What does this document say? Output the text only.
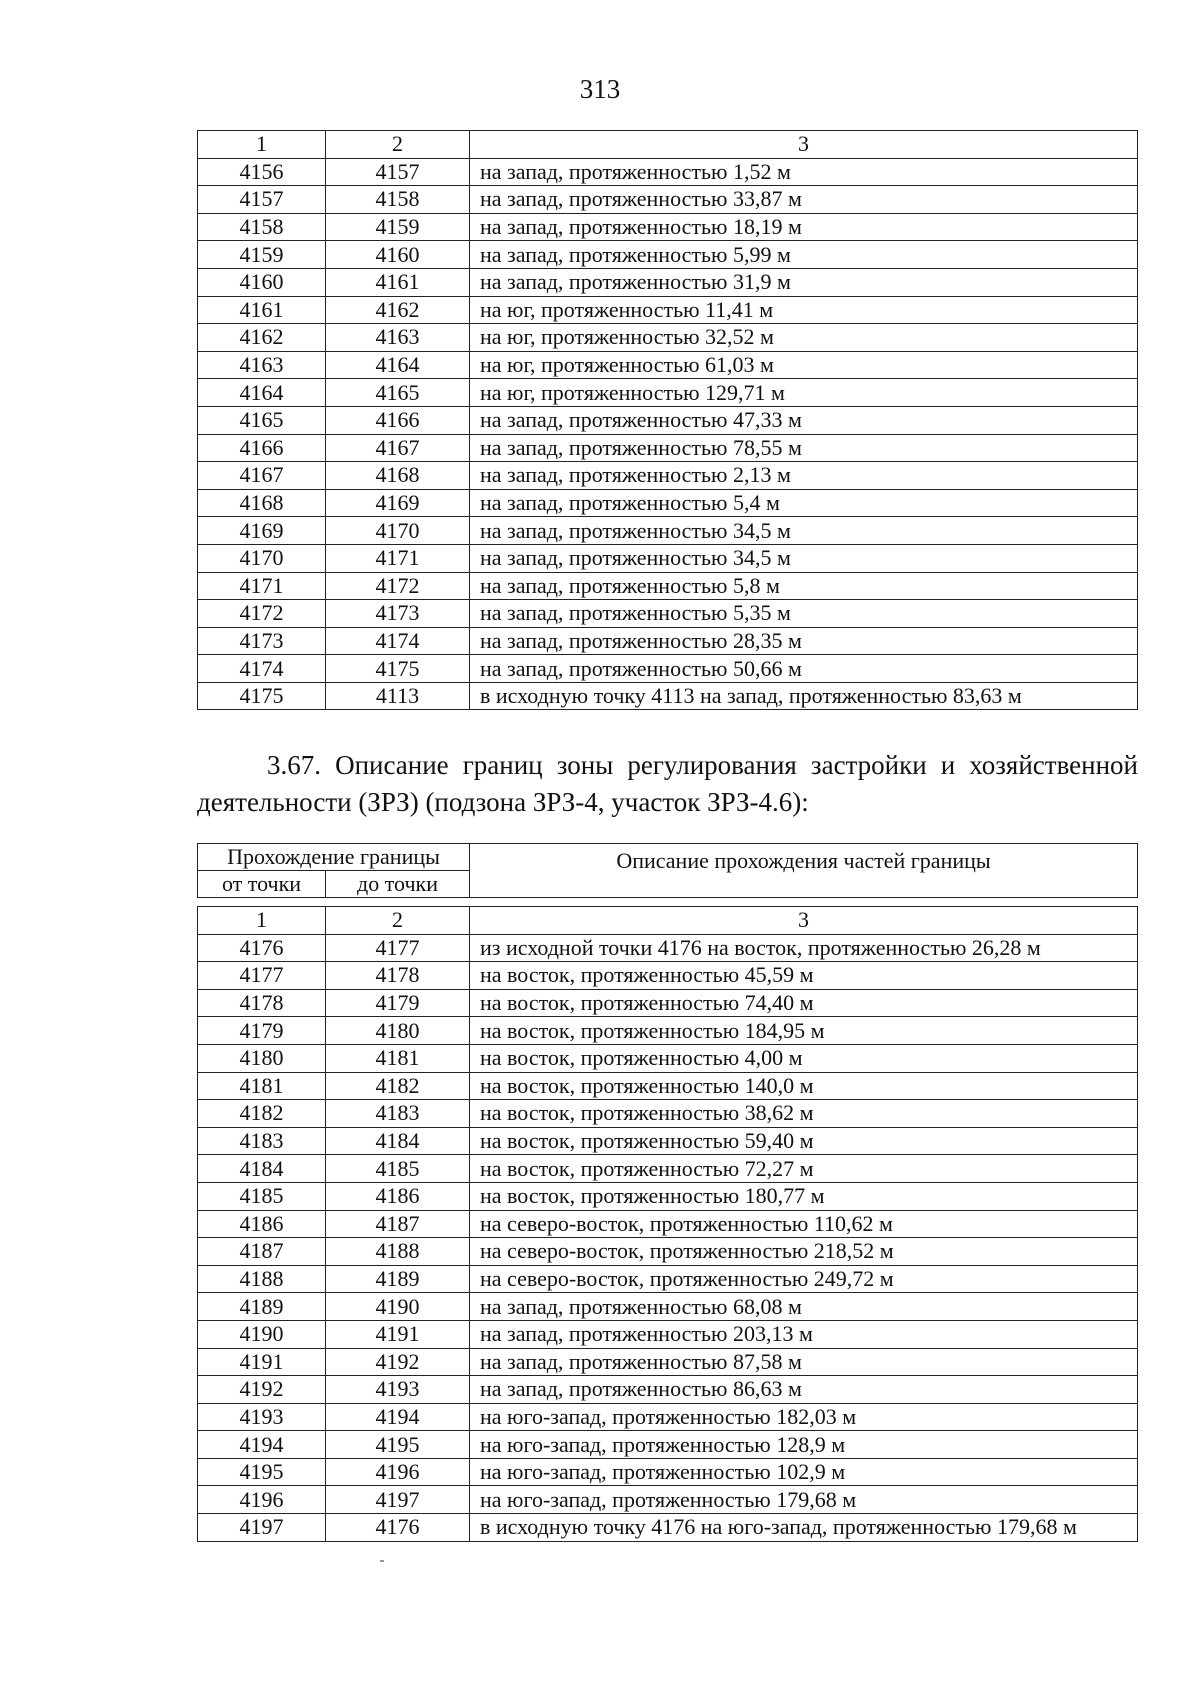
313
1	2	3
4156	4157	на запад, протяженностью 1,52 м
4157	4158	на запад, протяженностью 33,87 м
4158	4159	на запад, протяженностью 18,19 м
4159	4160	на запад, протяженностью 5,99 м
4160	4161	на запад, протяженностью 31,9 м
4161	4162	на юг, протяженностью 11,41 м
4162	4163	на юг, протяженностью 32,52 м
4163	4164	на юг, протяженностью 61,03 м
4164	4165	на юг, протяженностью 129,71 м
4165	4166	на запад, протяженностью 47,33 м
4166	4167	на запад, протяженностью 78,55 м
4167	4168	на запад, протяженностью 2,13 м
4168	4169	на запад, протяженностью 5,4 м
4169	4170	на запад, протяженностью 34,5 м
4170	4171	на запад, протяженностью 34,5 м
4171	4172	на запад, протяженностью 5,8 м
4172	4173	на запад, протяженностью 5,35 м
4173	4174	на запад, протяженностью 28,35 м
4174	4175	на запад, протяженностью 50,66 м
4175	4113	в исходную точку 4113 на запад, протяженностью 83,63 м
3.67. Описание границ зоны регулирования застройки и хозяйственной деятельности (ЗРЗ) (подзона ЗРЗ-4, участок ЗРЗ-4.6):
Прохождение границы		Описание прохождения частей границы
от точки	до точки	
1	2	3
4176	4177	из исходной точки 4176 на восток, протяженностью 26,28 м
4177	4178	на восток, протяженностью 45,59 м
4178	4179	на восток, протяженностью 74,40 м
4179	4180	на восток, протяженностью 184,95 м
4180	4181	на восток, протяженностью 4,00 м
4181	4182	на восток, протяженностью 140,0 м
4182	4183	на восток, протяженностью 38,62 м
4183	4184	на восток, протяженностью 59,40 м
4184	4185	на восток, протяженностью 72,27 м
4185	4186	на восток, протяженностью 180,77 м
4186	4187	на северо-восток, протяженностью 110,62 м
4187	4188	на северо-восток, протяженностью 218,52 м
4188	4189	на северо-восток, протяженностью 249,72 м
4189	4190	на запад, протяженностью 68,08 м
4190	4191	на запад, протяженностью 203,13 м
4191	4192	на запад, протяженностью 87,58 м
4192	4193	на запад, протяженностью 86,63 м
4193	4194	на юго-запад, протяженностью 182,03 м
4194	4195	на юго-запад, протяженностью 128,9 м
4195	4196	на юго-запад, протяженностью 102,9 м
4196	4197	на юго-запад, протяженностью 179,68 м
4197	4176	в исходную точку 4176 на юго-запад, протяженностью 179,68 м
